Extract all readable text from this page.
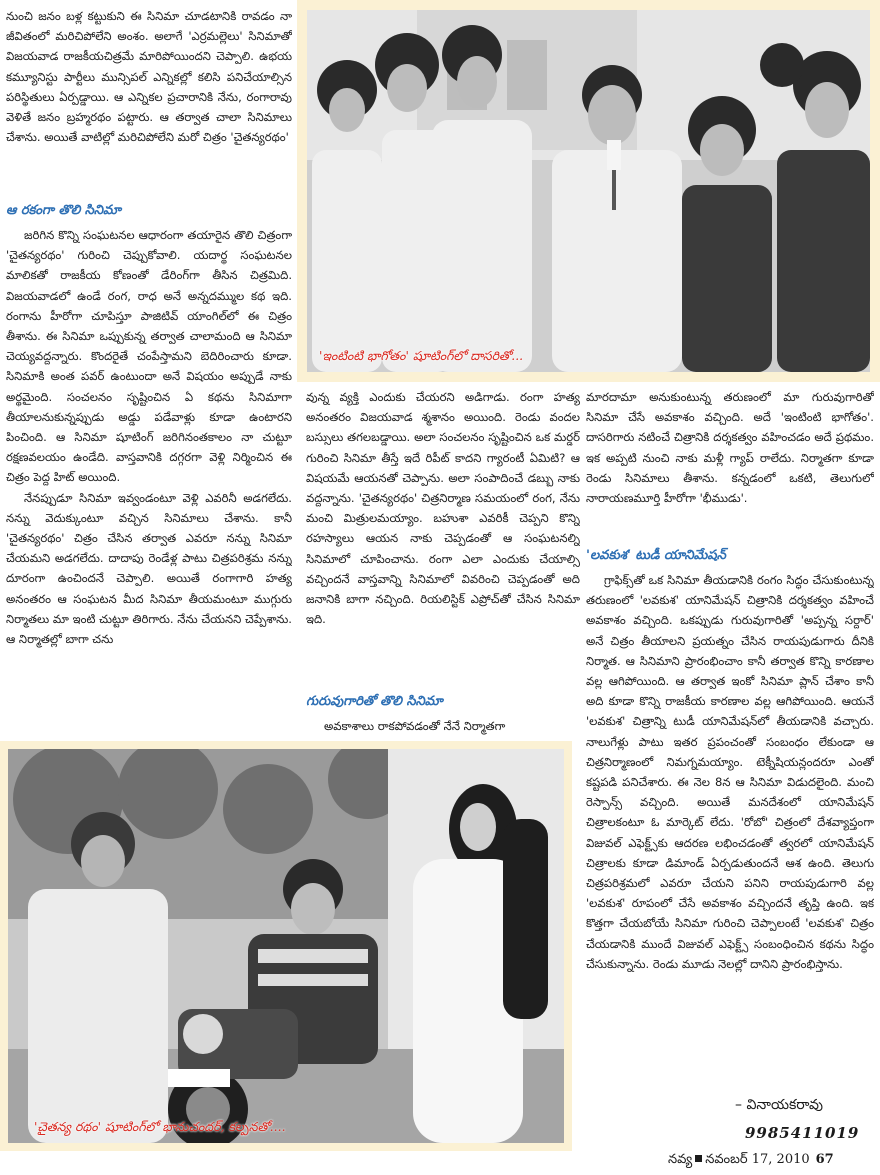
నుంచి జనం బళ్ల కట్టుకుని ఈ సినిమా చూడటానికి రావడం నా జీవితంలో మరిచిపోలేని అంశం. అలాగే 'ఎర్రమల్లెలు' సినిమాతో విజయవాడ రాజకీయచిత్రమే మారిపోయిందని చెప్పాలి. ఉభయ కమ్యూనిస్టు పార్టీలు మున్సిపల్ ఎన్నికల్లో కలిసి పనిచేయాల్సిన పరిస్థితులు ఏర్పడ్డాయి. ఆ ఎన్నికల ప్రచారానికి నేను, రంగారావు వెళితే జనం బ్రహ్మరథం పట్టారు. ఆ తర్వాత చాలా సినిమాలు చేశాను. అయితే వాటిల్లో మరిచిపోలేని మరో చిత్రం 'చైతన్యరథం'

ఆ రకంగా తొలి సినిమా

జరిగిన కొన్ని సంఘటనల ఆధారంగా తయారైన తొలి చిత్రంగా 'చైతన్యరథం' గురించి చెప్పుకోవాలి. యదార్థ సంఘటనల మాలికతో రాజకీయ కోణంతో డేరింగ్‌గా తీసిన చిత్రమిది. విజయవాడలో ఉండే రంగ, రాధ అనే అన్నదమ్ముల కథ ఇది. రంగాను హీరోగా చూపిస్తూ పాజిటివ్ యాంగిల్‌లో ఈ చిత్రం తీశాను. ఈ సినిమా ఒప్పుకున్న తర్వాత చాలామంది ఆ సినిమా చెయ్యవద్దన్నారు. కొందరైతే చంపేస్తామని బెదిరించారు కూడా. సినిమాకి అంత పవర్ ఉంటుందా అనే విషయం అప్పుడే నాకు అర్థమైంది. సంచలనం సృష్టించిన ఏ కథను సినిమాగా తీయాలనుకున్నప్పుడు అడ్డు పడేవాళ్లు కూడా ఉంటారని పించింది. ఆ సినిమా షూటింగ్ జరిగినంతకాలం నా చుట్టూ రక్షణవలయం ఉండేది. వాస్తవానికి దగ్గరగా వెళ్లి నిర్మించిన ఈ చిత్రం పెద్ద హిట్ అయింది.

నేనప్పుడూ సినిమా ఇవ్వండంటూ వెళ్లి ఎవరినీ అడగలేదు. నన్ను వెదుక్కుంటూ వచ్చిన సినిమాలు చేశాను. కానీ 'చైతన్యరథం' చిత్రం చేసిన తర్వాత ఎవరూ నన్ను సినిమా చేయమని అడగలేదు. దాదాపు రెండేళ్ల పాటు చిత్రపరిశ్రమ నన్ను దూరంగా ఉంచిందనే చెప్పాలి. అయితే రంగాగారి హత్య అనంతరం ఆ సంఘటన మీద సినిమా తీయమంటూ ముగ్గురు నిర్మాతలు మా ఇంటి చుట్టూ తిరిగారు. నేను చేయనని చెప్పేశాను. ఆ నిర్మాతల్లో బాగా చను

'ఇంటింటి భాగోతం' షూటింగ్‌లో దాసరితో...

వున్న వ్యక్తి ఎందుకు చేయరని అడిగాడు. రంగా హత్య అనంతరం విజయవాడ శ్మశానం అయింది. రెండు వందల బస్సులు తగలబడ్డాయి. అలా సంచలనం సృష్టించిన ఒక మర్డర్ గురించి సినిమా తీస్తే ఇదే రిపీట్ కాదని గ్యారంటీ ఏమిటి? ఆ విషయమే ఆయనతో చెప్పాను. అలా సంపాదించే డబ్బు నాకు వద్దన్నాను. 'చైతన్యరథం' చిత్రనిర్మాణ సమయంలో రంగ, నేను మంచి మిత్రులమయ్యాం. బహుశా ఎవరికీ చెప్పని కొన్ని రహస్యాలు ఆయన నాకు చెప్పడంతో ఆ సంఘటనల్ని సినిమాలో చూపించాను. రంగా ఎలా ఎందుకు చేయాల్సి వచ్చిందనే వాస్తవాన్ని సినిమాలో వివరించి చెప్పడంతో అది జనానికి బాగా నచ్చింది. రియలిస్టిక్ ఎప్రోచ్‌తో చేసిన సినిమా ఇది.

గురువుగారితో తొలి సినిమా

అవకాశాలు రాకపోవడంతో నేనే నిర్మాతగా

మారదామా అనుకుంటున్న తరుణంలో మా గురువుగారితో సినిమా చేసే అవకాశం వచ్చింది. అదే 'ఇంటింటి భాగోతం'. దాసరిగారు నటించే చిత్రానికి దర్శకత్వం వహించడం అదే ప్రథమం. ఇక అప్పటి నుంచి నాకు మళ్లీ గ్యాప్ రాలేదు. నిర్మాతగా కూడా రెండు సినిమాలు తీశాను. కన్నడంలో ఒకటి, తెలుగులో నారాయణమూర్తి హీరోగా 'భీముడు'.

'లవకుశ' టుడీ యానిమేషన్

గ్రాఫిక్స్‌తో ఒక సినిమా తీయడానికి రంగం సిద్ధం చేసుకుంటున్న తరుణంలో 'లవకుశ' యానిమేషన్ చిత్రానికి దర్శకత్వం వహించే అవకాశం వచ్చింది. ఒకప్పుడు గురువుగారితో 'అప్పన్న సర్దార్' అనే చిత్రం తీయాలని ప్రయత్నం చేసిన రాయపుడుగారు దీనికి నిర్మాత. ఆ సినిమాని ప్రారంభించాం కానీ తర్వాత కొన్ని కారణాల వల్ల ఆగిపోయింది. ఆ తర్వాత ఇంకో సినిమా ప్లాన్ చేశాం కానీ అది కూడా కొన్ని రాజకీయ కారణాల వల్ల ఆగిపోయింది. ఆయనే 'లవకుశ' చిత్రాన్ని టుడీ యానిమేషన్‌లో తీయడానికి వచ్చారు. నాలుగేళ్లు పాటు ఇతర ప్రపంచంతో సంబంధం లేకుండా ఆ చిత్రనిర్మాణంలో నిమగ్నమయ్యాం. టెక్నీషియన్లందరూ ఎంతో కష్టపడి పనిచేశారు. ఈ నెల 8న ఆ సినిమా విడుదలైంది. మంచి రెస్పాన్స్ వచ్చింది. అయితే మనదేశంలో యానిమేషన్ చిత్రాలకంటూ ఓ మార్కెట్ లేదు. 'రోబో' చిత్రంలో దేశవ్యాప్తంగా విజువల్ ఎఫెక్ట్స్‌కు ఆదరణ లభించడంతో త్వరలో యానిమేషన్ చిత్రాలకు కూడా డిమాండ్ ఏర్పడుతుందనే ఆశ ఉంది. తెలుగు చిత్రపరిశ్రమలో ఎవరూ చేయని పనిని రాయపుడుగారి వల్ల 'లవకుశ' రూపంలో చేసే అవకాశం వచ్చిందనే తృప్తి ఉంది. ఇక కొత్తగా చేయబోయే సినిమా గురించి చెప్పాలంటే 'లవకుశ' చిత్రం చేయడానికి ముందే విజువల్ ఎఫెక్ట్స్ సంబంధించిన కథను సిద్ధం చేసుకున్నాను. రెండు మూడు నెలల్లో దానిని ప్రారంభిస్తాను.

'చైతన్య రథం' షూటింగ్‌లో భానుచందర్, కల్పనతో....
– వినాయకరావు
9985411019
నవ్య నవంబర్ 17, 2010 67
